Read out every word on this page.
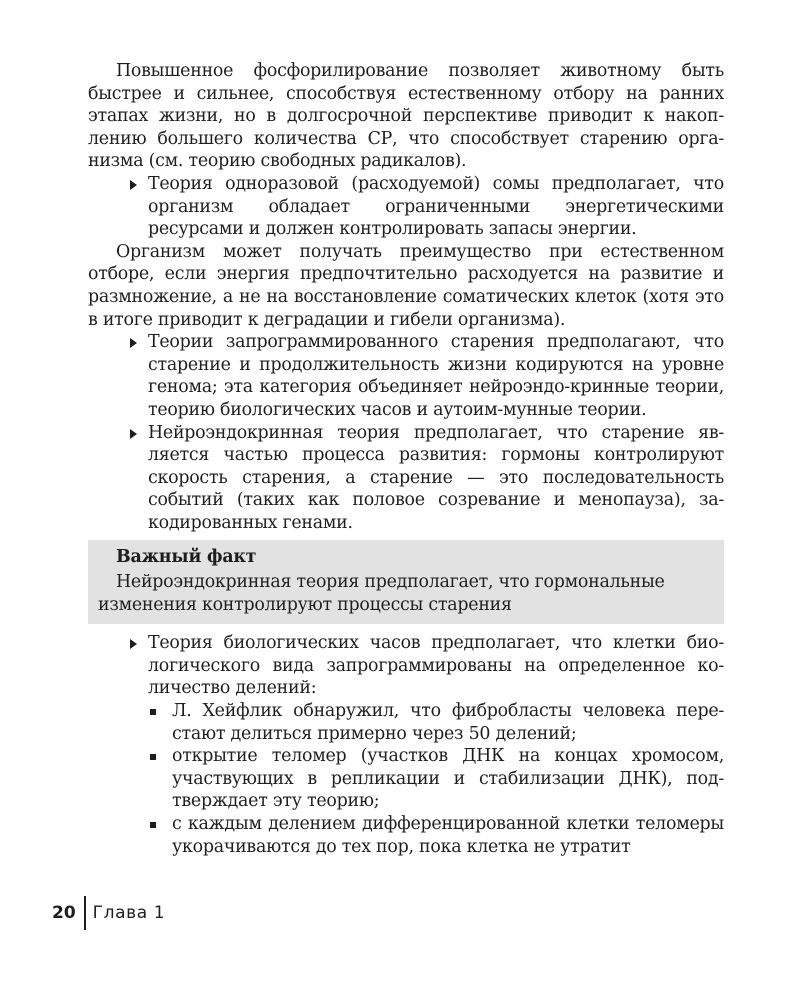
Повышенное фосфорилирование позволяет животному быть быстрее и сильнее, способствуя естественному отбору на ранних этапах жизни, но в долгосрочной перспективе приводит к накоп-лению большего количества СР, что способствует старению орга-низма (см. теорию свободных радикалов).

Теория одноразовой (расходуемой) сомы предполагает, что организм обладает ограниченными энергетическими ресурсами и должен контролировать запасы энергии.

Организм может получать преимущество при естественном отборе, если энергия предпочтительно расходуется на развитие и размножение, а не на восстановление соматических клеток (хотя это в итоге приводит к деградации и гибели организма).

Теории запрограммированного старения предполагают, что старение и продолжительность жизни кодируются на уровне генома; эта категория объединяет нейроэндо-кринные теории, теорию биологических часов и аутоим-мунные теории.
Нейроэндокринная теория предполагает, что старение яв-ляется частью процесса развития: гормоны контролируют скорость старения, а старение — это последовательность событий (таких как половое созревание и менопауза), за-кодированных генами.
Важный факт

Нейроэндокринная теория предполагает, что гормональные изменения контролируют процессы старения

Теория биологических часов предполагает, что клетки био-логического вида запрограммированы на определенное ко-личество делений:
Л. Хейфлик обнаружил, что фибробласты человека пере-стают делиться примерно через 50 делений;
открытие теломер (участков ДНК на концах хромосом, участвующих в репликации и стабилизации ДНК), под-тверждает эту теорию;
с каждым делением дифференцированной клетки теломеры укорачиваются до тех пор, пока клетка не утратит
20 Глава 1
